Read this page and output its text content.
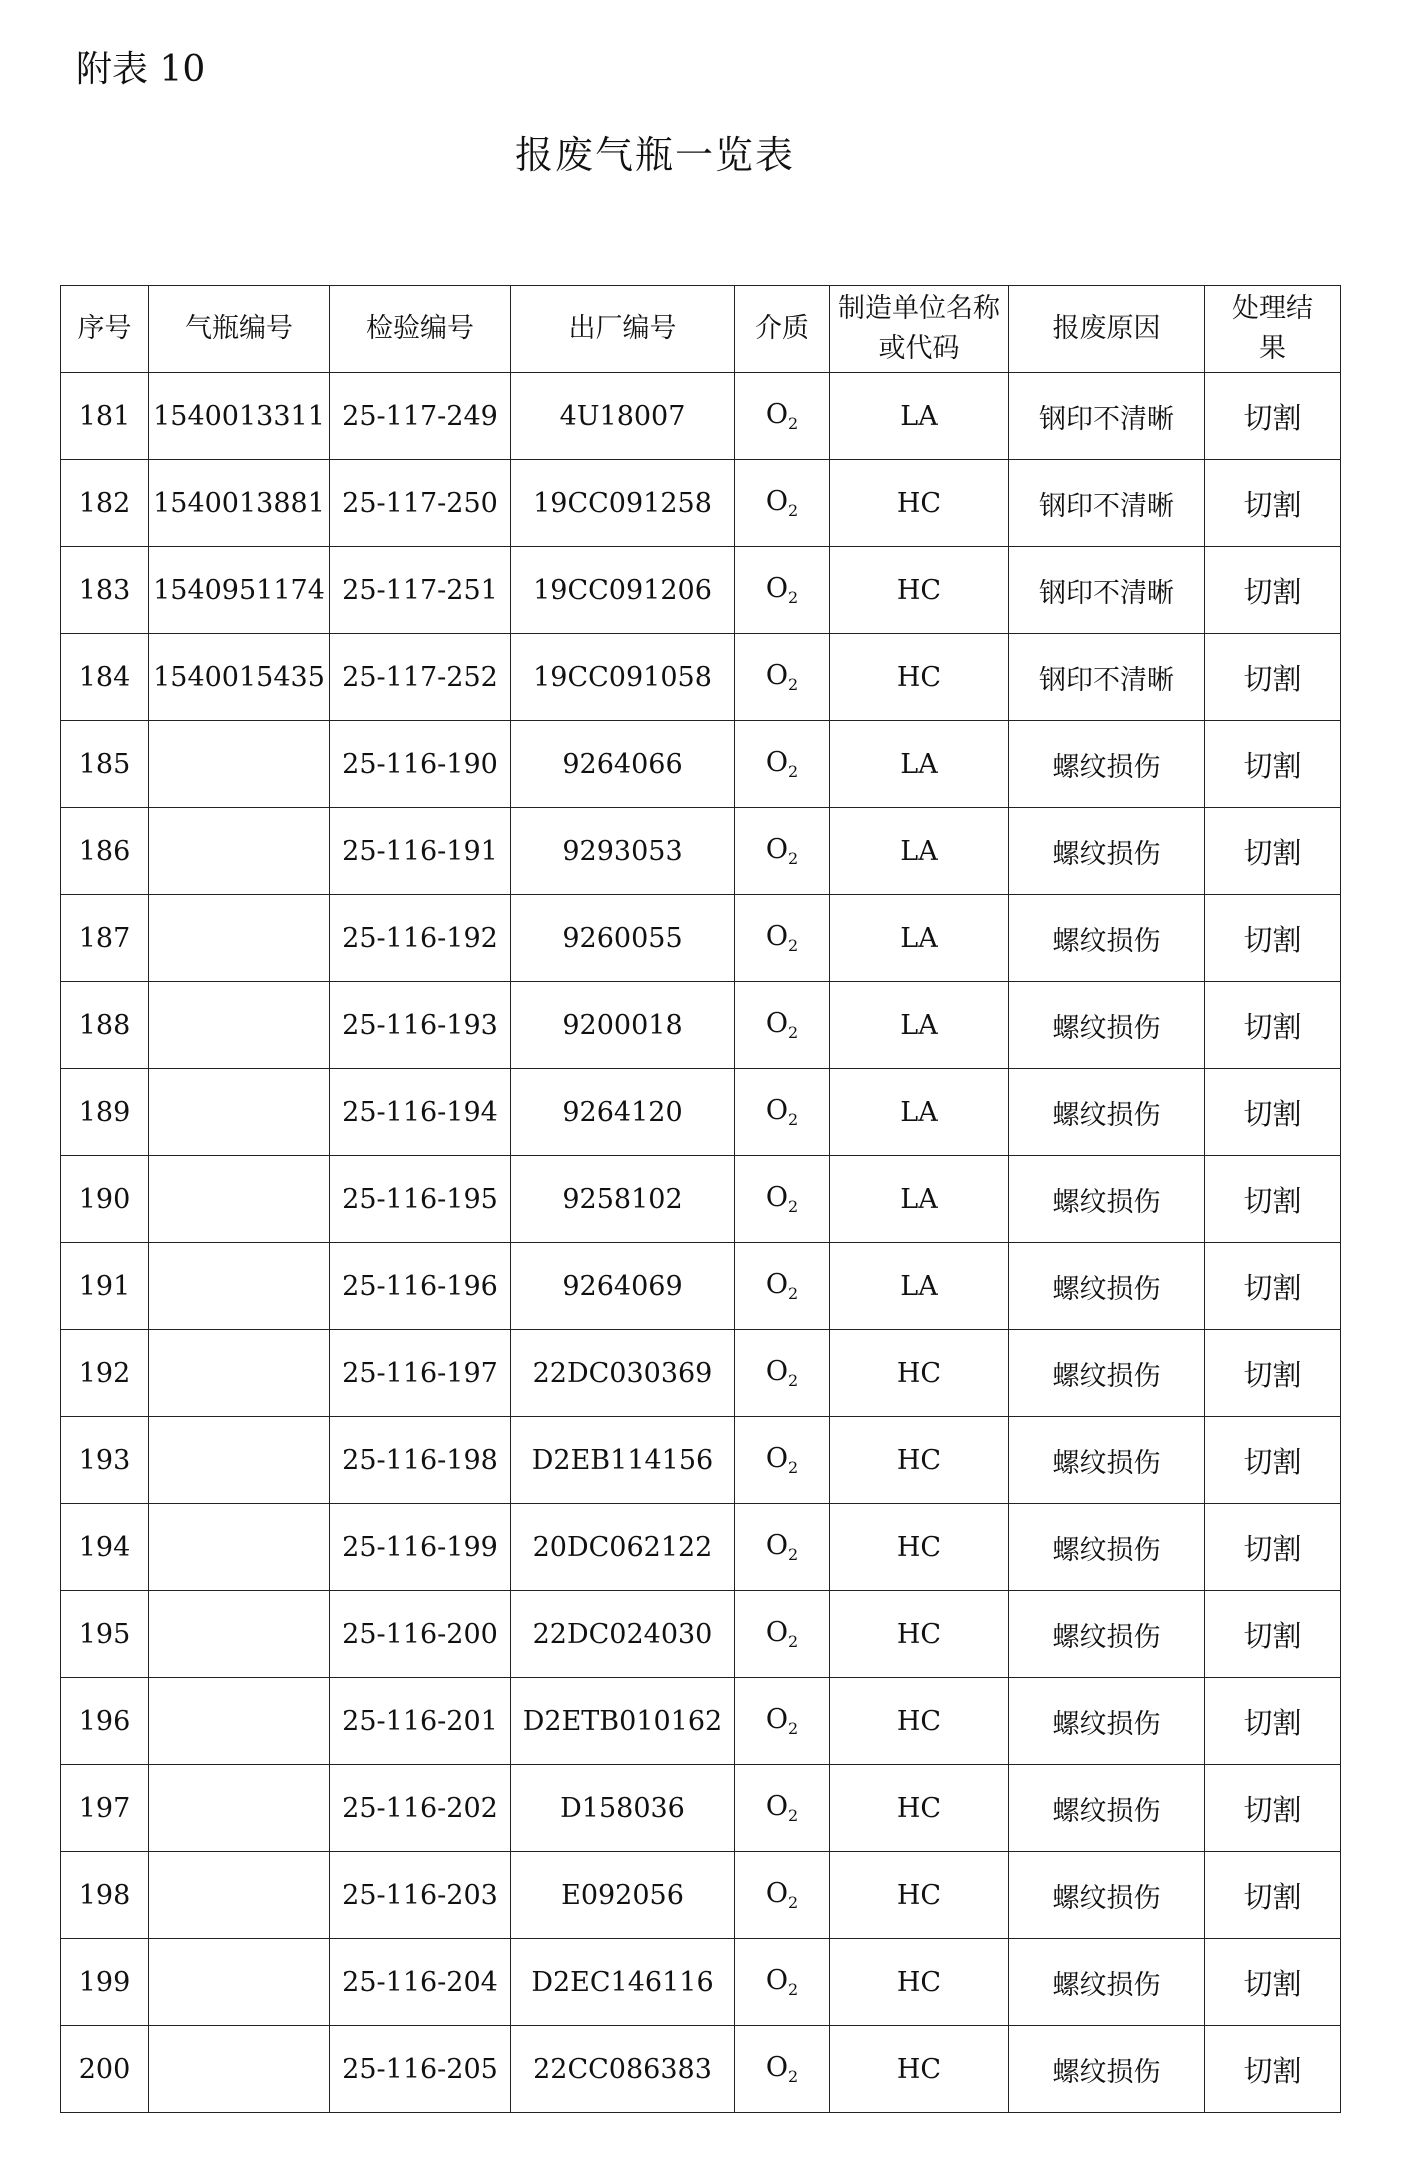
附表 10
报废气瓶一览表
序号	气瓶编号	检验编号	出厂编号	介质	制造单位名称或代码	报废原因	处理结果
181	1540013311	25-117-249	4U18007	$O_2$	LA	钢印不清晰	切割
182	1540013881	25-117-250	19CC091258	$O_2$	HC	钢印不清晰	切割
183	1540951174	25-117-251	19CC091206	$O_2$	HC	钢印不清晰	切割
184	1540015435	25-117-252	19CC091058	$O_2$	HC	钢印不清晰	切割
185		25-116-190	9264066	$O_2$	LA	螺纹损伤	切割
186		25-116-191	9293053	$O_2$	LA	螺纹损伤	切割
187		25-116-192	9260055	$O_2$	LA	螺纹损伤	切割
188		25-116-193	9200018	$O_2$	LA	螺纹损伤	切割
189		25-116-194	9264120	$O_2$	LA	螺纹损伤	切割
190		25-116-195	9258102	$O_2$	LA	螺纹损伤	切割
191		25-116-196	9264069	$O_2$	LA	螺纹损伤	切割
192		25-116-197	22DC030369	$O_2$	HC	螺纹损伤	切割
193		25-116-198	D2EB114156	$O_2$	HC	螺纹损伤	切割
194		25-116-199	20DC062122	$O_2$	HC	螺纹损伤	切割
195		25-116-200	22DC024030	$O_2$	HC	螺纹损伤	切割
196		25-116-201	D2ETB010162	$O_2$	HC	螺纹损伤	切割
197		25-116-202	D158036	$O_2$	HC	螺纹损伤	切割
198		25-116-203	E092056	$O_2$	HC	螺纹损伤	切割
199		25-116-204	D2EC146116	$O_2$	HC	螺纹损伤	切割
200		25-116-205	22CC086383	$O_2$	HC	螺纹损伤	切割
